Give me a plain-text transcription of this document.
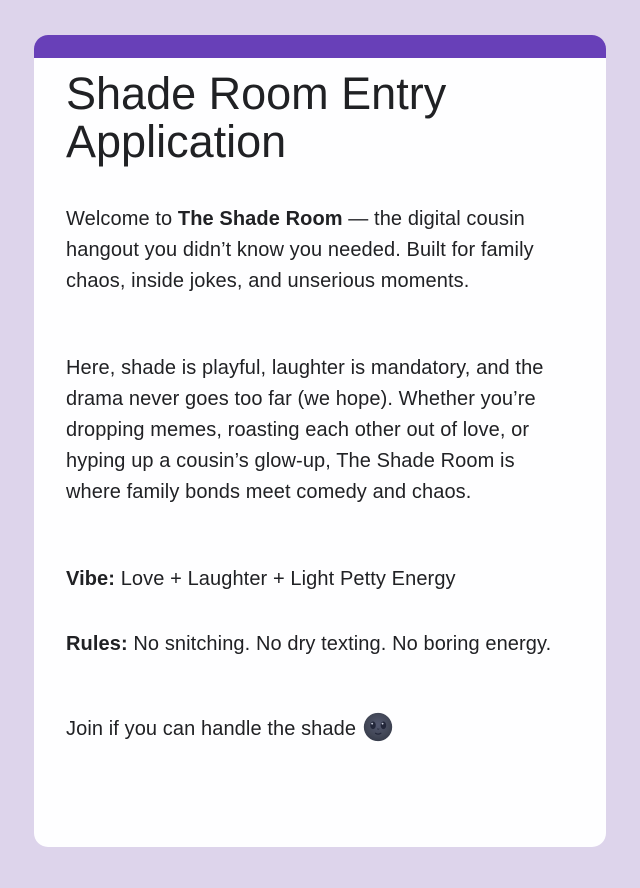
Shade Room Entry Application

Welcome to The Shade Room — the digital cousin hangout you didn’t know you needed. Built for family chaos, inside jokes, and unserious moments.

Here, shade is playful, laughter is mandatory, and the drama never goes too far (we hope). Whether you’re dropping memes, roasting each other out of love, or hyping up a cousin’s glow-up, The Shade Room is where family bonds meet comedy and chaos.

Vibe: Love + Laughter + Light Petty Energy

Rules: No snitching. No dry texting. No boring energy.

Join if you can handle the shade
